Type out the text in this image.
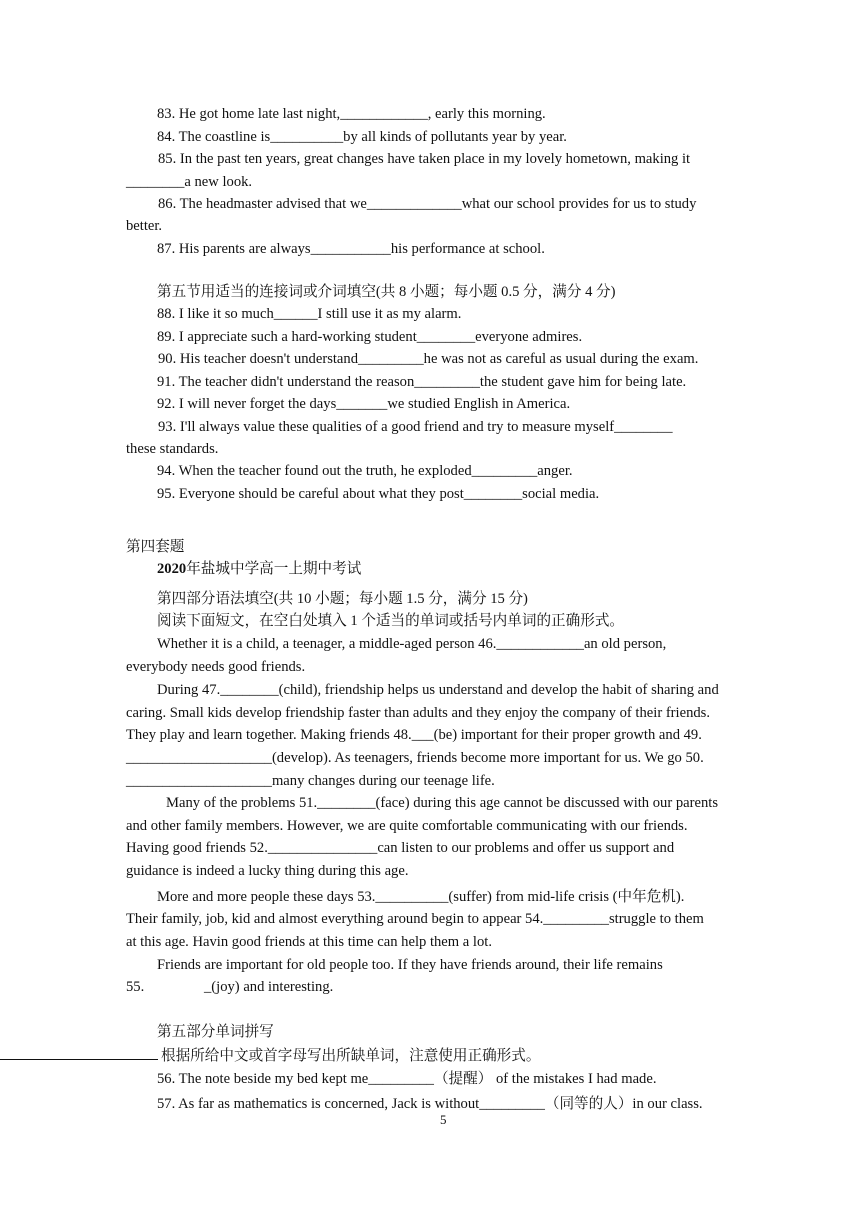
83. He got home late last night,____________, early this morning.
84. The coastline is__________by all kinds of pollutants year by year.
85. In the past ten years, great changes have taken place in my lovely hometown, making it
________a new look.
86. The headmaster advised that we_____________what our school provides for us to study
better.
87. His parents are always___________his performance at school.
第五节用适当的连接词或介词填空(共 8 小题；每小题 0.5 分，满分 4 分)
88. I like it so much______I still use it as my alarm.
89. I appreciate such a hard-working student________everyone admires.
90. His teacher doesn't understand_________he was not as careful as usual during the exam.
91. The teacher didn't understand the reason_________the student gave him for being late.
92. I will never forget the days_______we studied English in America.
93. I'll always value these qualities of a good friend and try to measure myself________
these standards.
94. When the teacher found out the truth, he exploded_________anger.
95. Everyone should be careful about what they post________social media.
第四套题
2020年盐城中学高一上期中考试
第四部分语法填空(共 10 小题；每小题 1.5 分，满分 15 分)
阅读下面短文，在空白处填入 1 个适当的单词或括号内单词的正确形式。
Whether it is a child, a teenager, a middle-aged person 46.____________an old person,
everybody needs good friends.
During 47.________(child), friendship helps us understand and develop the habit of sharing and
caring. Small kids develop friendship faster than adults and they enjoy the company of their friends.
They play and learn together. Making friends 48.___(be) important for their proper growth and 49.
____________________(develop). As teenagers, friends become more important for us. We go 50.
____________________many changes during our teenage life.
Many of the problems 51.________(face) during this age cannot be discussed with our parents
and other family members. However, we are quite comfortable communicating with our friends.
Having good friends 52._______________can listen to our problems and offer us support and
guidance is indeed a lucky thing during this age.
More and more people these days 53.__________(suffer) from mid-life crisis (中年危机).
Their family, job, kid and almost everything around begin to appear 54._________struggle to them
at this age. Havin good friends at this time can help them a lot.
Friends are important for old people too. If they have friends around, their life remains
55.	_(joy) and interesting.
第五部分单词拼写
根据所给中文或首字母写出所缺单词，注意使用正确形式。
56. The note beside my bed kept me_________（提醒） of the mistakes I had made.
57. As far as mathematics is concerned, Jack is without_________（同等的人）in our class.
5
